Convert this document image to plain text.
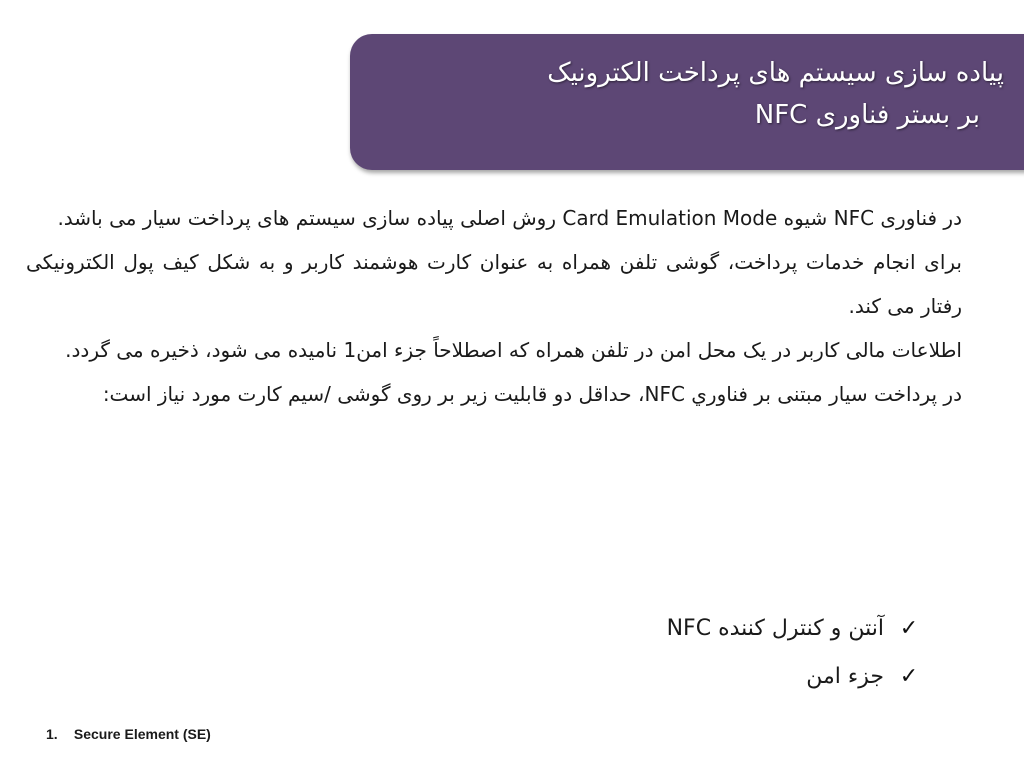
پیاده سازی سیستم های پرداخت الکترونیک
بر بستر فناوری NFC

در فناوری NFC شیوه Card Emulation Mode روش اصلی پیاده سازی سیستم های پرداخت سیار می باشد.

برای انجام خدمات پرداخت، گوشی تلفن همراه به عنوان کارت هوشمند کاربر و به شکل کیف پول الکترونیکی رفتار می کند.

اطلاعات مالی کاربر در یک محل امن در تلفن همراه که اصطلاحاً جزء امن1 نامیده می شود، ذخیره می گردد.

در پرداخت سیار مبتنی بر فناوري NFC، حداقل دو قابلیت زیر بر روی گوشی /سیم کارت مورد نیاز است:

✓
آنتن و کنترل کننده NFC
✓
جزء امن
1. Secure Element (SE)
